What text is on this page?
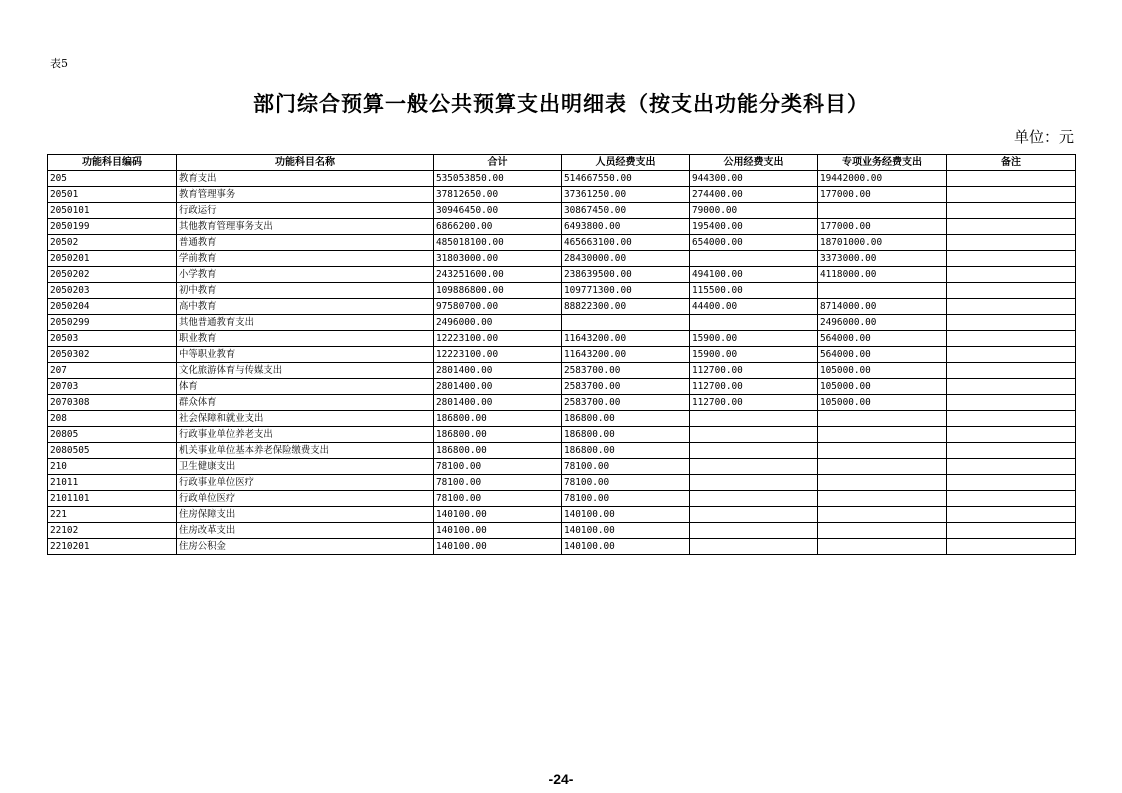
表5
部门综合预算一般公共预算支出明细表（按支出功能分类科目）
单位：元
功能科目编码	功能科目名称	合计	人员经费支出	公用经费支出	专项业务经费支出	备注
205	教育支出	535053850.00	514667550.00	944300.00	19442000.00	
20501	教育管理事务	37812650.00	37361250.00	274400.00	177000.00	
2050101	行政运行	30946450.00	30867450.00	79000.00		
2050199	其他教育管理事务支出	6866200.00	6493800.00	195400.00	177000.00	
20502	普通教育	485018100.00	465663100.00	654000.00	18701000.00	
2050201	学前教育	31803000.00	28430000.00		3373000.00	
2050202	小学教育	243251600.00	238639500.00	494100.00	4118000.00	
2050203	初中教育	109886800.00	109771300.00	115500.00		
2050204	高中教育	97580700.00	88822300.00	44400.00	8714000.00	
2050299	其他普通教育支出	2496000.00			2496000.00	
20503	职业教育	12223100.00	11643200.00	15900.00	564000.00	
2050302	中等职业教育	12223100.00	11643200.00	15900.00	564000.00	
207	文化旅游体育与传媒支出	2801400.00	2583700.00	112700.00	105000.00	
20703	体育	2801400.00	2583700.00	112700.00	105000.00	
2070308	群众体育	2801400.00	2583700.00	112700.00	105000.00	
208	社会保障和就业支出	186800.00	186800.00			
20805	行政事业单位养老支出	186800.00	186800.00			
2080505	机关事业单位基本养老保险缴费支出	186800.00	186800.00			
210	卫生健康支出	78100.00	78100.00			
21011	行政事业单位医疗	78100.00	78100.00			
2101101	行政单位医疗	78100.00	78100.00			
221	住房保障支出	140100.00	140100.00			
22102	住房改革支出	140100.00	140100.00			
2210201	住房公积金	140100.00	140100.00			
-24-
